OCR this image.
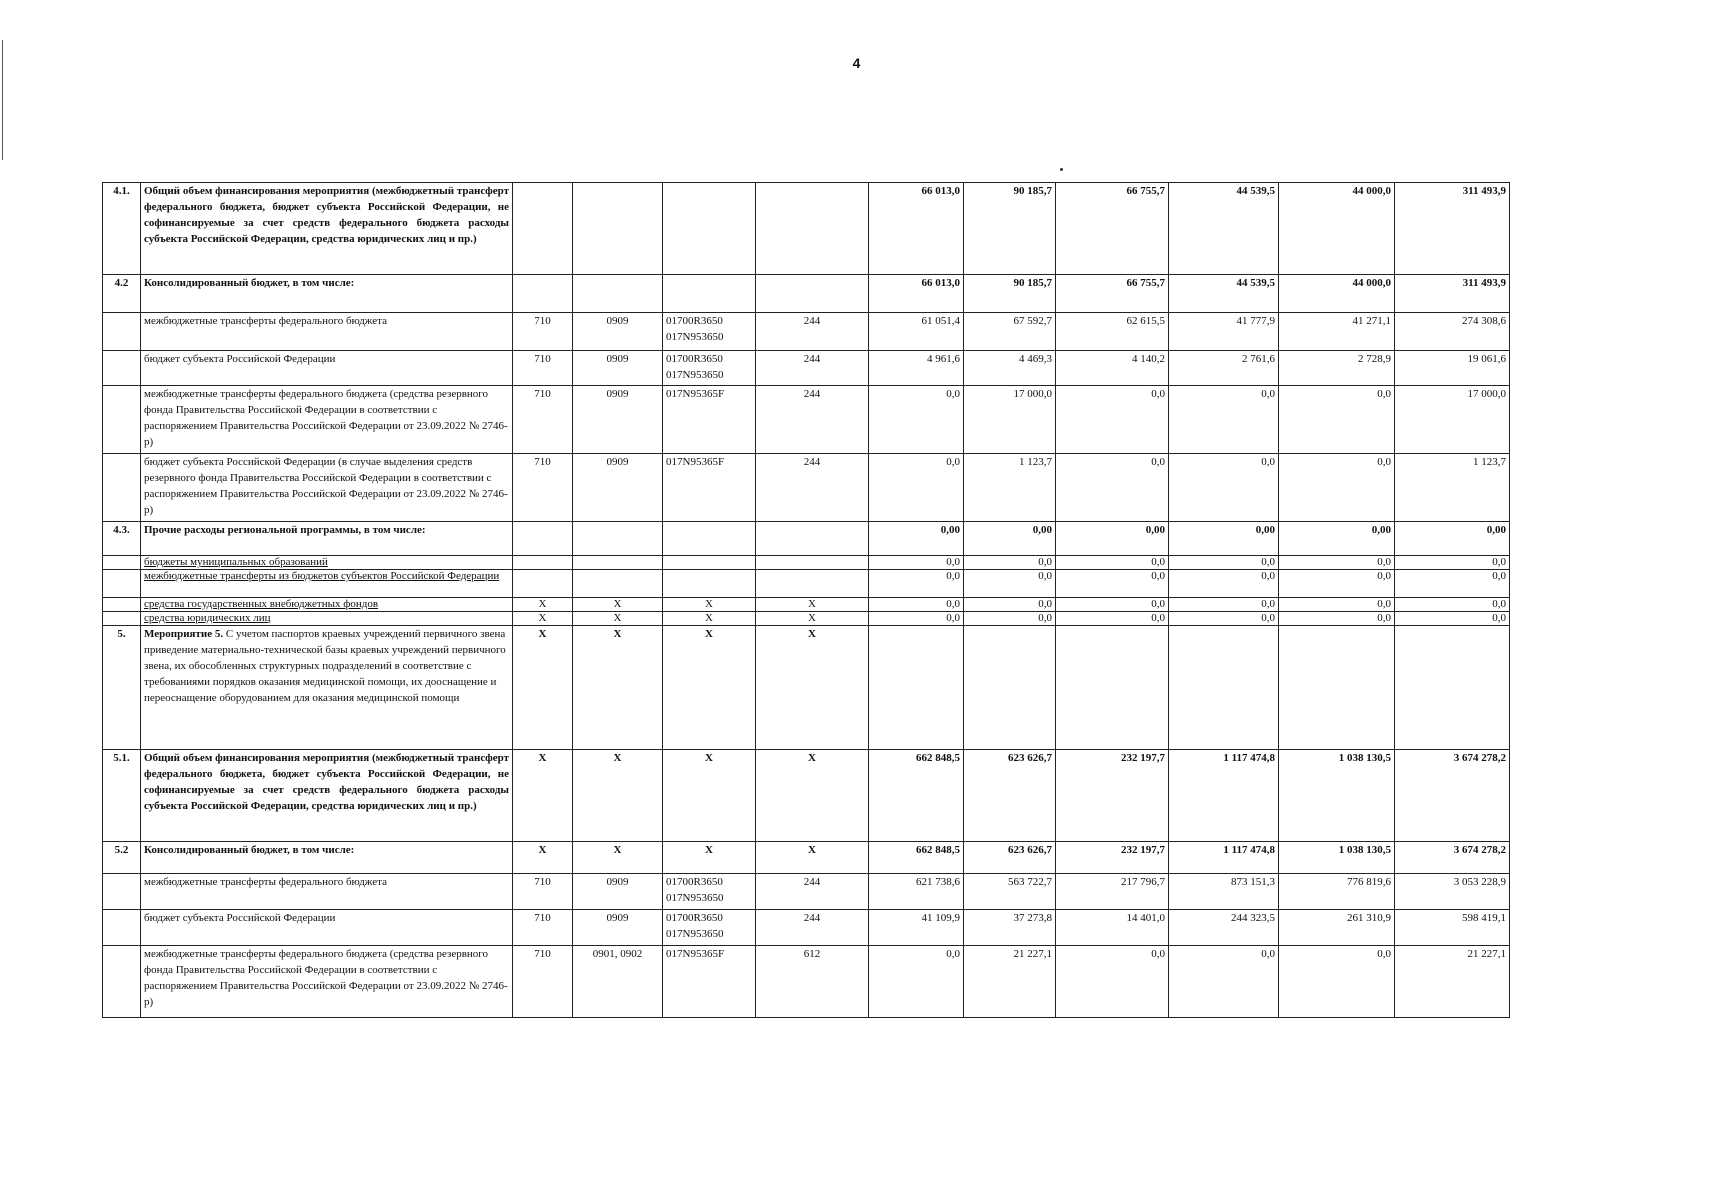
4
4.1.	Общий объем финансирования мероприятия (межбюджетный трансферт федерального бюджета, бюджет субъекта Российской Федерации, не софинансируемые за счет средств федерального бюджета расходы субъекта Российской Федерации, средства юридических лиц и пр.)					66 013,0	90 185,7	66 755,7	44 539,5	44 000,0	311 493,9
4.2	Консолидированный бюджет, в том числе:					66 013,0	90 185,7	66 755,7	44 539,5	44 000,0	311 493,9
	межбюджетные трансферты федерального бюджета	710	0909	01700R3650 017N953650	244	61 051,4	67 592,7	62 615,5	41 777,9	41 271,1	274 308,6
	бюджет субъекта Российской Федерации	710	0909	01700R3650 017N953650	244	4 961,6	4 469,3	4 140,2	2 761,6	2 728,9	19 061,6
	межбюджетные трансферты федерального бюджета (средства резервного фонда Правительства Российской Федерации в соответствии с распоряжением Правительства Российской Федерации от 23.09.2022 № 2746-р)	710	0909	017N95365F	244	0,0	17 000,0	0,0	0,0	0,0	17 000,0
	бюджет субъекта Российской Федерации (в случае выделения средств резервного фонда Правительства Российской Федерации в соответствии с распоряжением Правительства Российской Федерации от 23.09.2022 № 2746-р)	710	0909	017N95365F	244	0,0	1 123,7	0,0	0,0	0,0	1 123,7
4.3.	Прочие расходы региональной программы, в том числе:					0,00	0,00	0,00	0,00	0,00	0,00
	бюджеты муниципальных образований					0,0	0,0	0,0	0,0	0,0	0,0
	межбюджетные трансферты из бюджетов субъектов Российской Федерации					0,0	0,0	0,0	0,0	0,0	0,0
	средства государственных внебюджетных фондов	X	X	X	X	0,0	0,0	0,0	0,0	0,0	0,0
	средства юридических лиц	X	X	X	X	0,0	0,0	0,0	0,0	0,0	0,0
5.	Мероприятие 5. С учетом паспортов краевых учреждений первичного звена приведение материально-технической базы краевых учреждений первичного звена, их обособленных структурных подразделений в соответствие с требованиями порядков оказания медицинской помощи, их дооснащение и переоснащение оборудованием для оказания медицинской помощи	X	X	X	X						
5.1.	Общий объем финансирования мероприятия (межбюджетный трансферт федерального бюджета, бюджет субъекта Российской Федерации, не софинансируемые за счет средств федерального бюджета расходы субъекта Российской Федерации, средства юридических лиц и пр.)	X	X	X	X	662 848,5	623 626,7	232 197,7	1 117 474,8	1 038 130,5	3 674 278,2
5.2	Консолидированный бюджет, в том числе:	X	X	X	X	662 848,5	623 626,7	232 197,7	1 117 474,8	1 038 130,5	3 674 278,2
	межбюджетные трансферты федерального бюджета	710	0909	01700R3650 017N953650	244	621 738,6	563 722,7	217 796,7	873 151,3	776 819,6	3 053 228,9
	бюджет субъекта Российской Федерации	710	0909	01700R3650 017N953650	244	41 109,9	37 273,8	14 401,0	244 323,5	261 310,9	598 419,1
	межбюджетные трансферты федерального бюджета (средства резервного фонда Правительства Российской Федерации в соответствии с распоряжением Правительства Российской Федерации от 23.09.2022 № 2746-р)	710	0901, 0902	017N95365F	612	0,0	21 227,1	0,0	0,0	0,0	21 227,1
